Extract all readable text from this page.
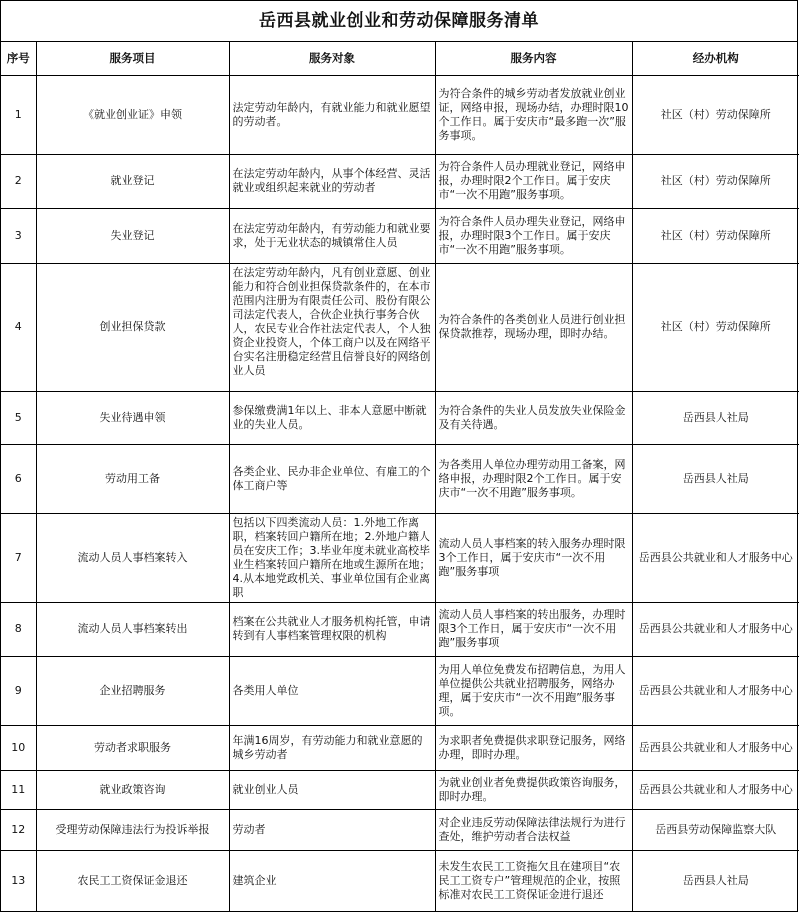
岳西县就业创业和劳动保障服务清单
序号	服务项目	服务对象	服务内容	经办机构
1	《就业创业证》申领	法定劳动年龄内，有就业能力和就业愿望的劳动者。	为符合条件的城乡劳动者发放就业创业证，网络申报，现场办结，办理时限10个工作日。属于安庆市“最多跑一次”服务事项。	社区（村）劳动保障所
2	就业登记	在法定劳动年龄内，从事个体经营、灵活就业或组织起来就业的劳动者	为符合条件人员办理就业登记，网络申报，办理时限2个工作日。属于安庆市“一次不用跑”服务事项。	社区（村）劳动保障所
3	失业登记	在法定劳动年龄内，有劳动能力和就业要求，处于无业状态的城镇常住人员	为符合条件人员办理失业登记，网络申报，办理时限3个工作日。属于安庆市“一次不用跑”服务事项。	社区（村）劳动保障所
4	创业担保贷款	在法定劳动年龄内，凡有创业意愿、创业能力和符合创业担保贷款条件的，在本市范围内注册为有限责任公司、股份有限公司法定代表人，合伙企业执行事务合伙人，农民专业合作社法定代表人，个人独资企业投资人，个体工商户以及在网络平台实名注册稳定经营且信誉良好的网络创业人员	为符合条件的各类创业人员进行创业担保贷款推荐，现场办理，即时办结。	社区（村）劳动保障所
5	失业待遇申领	参保缴费满1年以上、非本人意愿中断就业的失业人员。	为符合条件的失业人员发放失业保险金及有关待遇。	岳西县人社局
6	劳动用工备	各类企业、民办非企业单位、有雇工的个体工商户等	为各类用人单位办理劳动用工备案，网络申报，办理时限2个工作日。属于安庆市“一次不用跑”服务事项。	岳西县人社局
7	流动人员人事档案转入	包括以下四类流动人员：1.外地工作离职，档案转回户籍所在地；2.外地户籍人员在安庆工作；3.毕业年度未就业高校毕业生档案转回户籍所在地或生源所在地；4.从本地党政机关、事业单位国有企业离职	流动人员人事档案的转入服务办理时限3个工作日，属于安庆市“一次不用跑”服务事项	岳西县公共就业和人才服务中心
8	流动人员人事档案转出	档案在公共就业人才服务机构托管，申请转到有人事档案管理权限的机构	流动人员人事档案的转出服务，办理时限3个工作日，属于安庆市“一次不用跑”服务事项	岳西县公共就业和人才服务中心
9	企业招聘服务	各类用人单位	为用人单位免费发布招聘信息，为用人单位提供公共就业招聘服务，网络办理，属于安庆市“一次不用跑”服务事项。	岳西县公共就业和人才服务中心
10	劳动者求职服务	年满16周岁，有劳动能力和就业意愿的城乡劳动者	为求职者免费提供求职登记服务，网络办理，即时办理。	岳西县公共就业和人才服务中心
11	就业政策咨询	就业创业人员	为就业创业者免费提供政策咨询服务，即时办理。	岳西县公共就业和人才服务中心
12	受理劳动保障违法行为投诉举报	劳动者	对企业违反劳动保障法律法规行为进行查处，维护劳动者合法权益	岳西县劳动保障监察大队
13	农民工工资保证金退还	建筑企业	未发生农民工工资拖欠且在建项目“农民工工资专户”管理规范的企业，按照标准对农民工工资保证金进行退还	岳西县人社局
